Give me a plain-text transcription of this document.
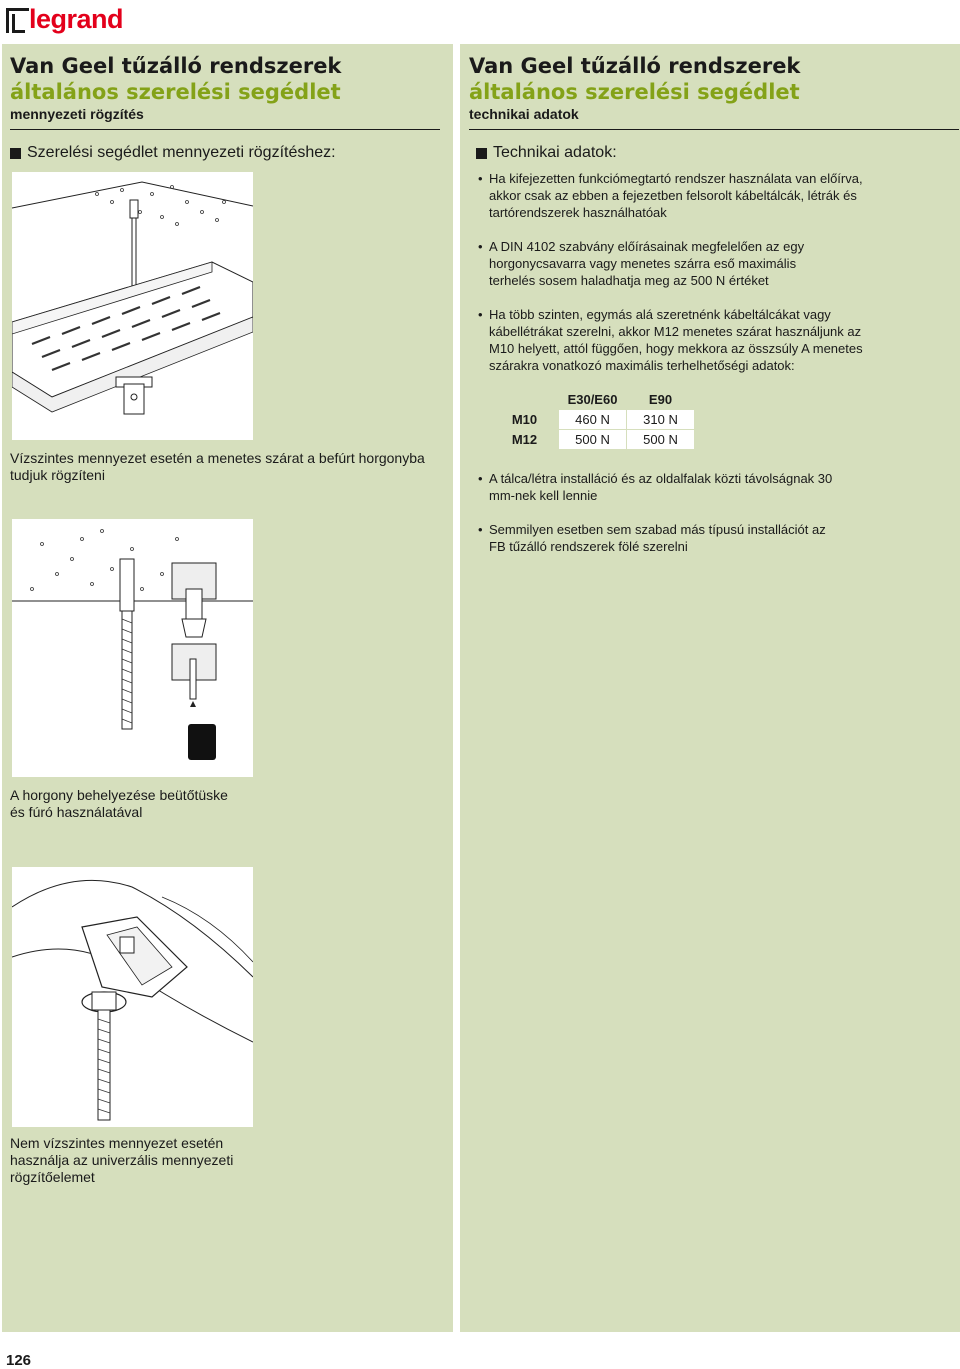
legrand
Van Geel tűzálló rendszerek
általános szerelési segédlet
mennyezeti rögzítés
Szerelési segédlet mennyezeti rögzítéshez:
Vízszintes mennyezet esetén a menetes szárat a befúrt horgonyba tudjuk rögzíteni
A horgony behelyezése beütőtüske és fúró használatával
Nem vízszintes mennyezet esetén használja az univerzális mennyezeti rögzítőelemet
Van Geel tűzálló rendszerek
általános szerelési segédlet
technikai adatok
Technikai adatok:
• Ha kifejezetten funkciómegtartó rendszer használata van előírva, akkor csak az ebben a fejezetben felsorolt kábeltálcák, létrák és tartórendszerek használhatóak
• A DIN 4102 szabvány előírásainak megfelelően az egy horgonycsavarra vagy menetes szárra eső maximális terhelés sosem haladhatja meg az 500 N értéket
• Ha több szinten, egymás alá szeretnénk kábeltálcákat vagy kábellétrákat szerelni, akkor M12 menetes szárat használjunk az M10 helyett, attól függően, hogy mekkora az összsúly A menetes szárakra vonatkozó maximális terhelhetőségi adatok:
	E30/E60	E90
M10	460 N	310 N
M12	500 N	500 N
• A tálca/létra installáció és az oldalfalak közti távolságnak 30 mm-nek kell lennie
• Semmilyen esetben sem szabad más típusú installációt az FB tűzálló rendszerek fölé szerelni
126
